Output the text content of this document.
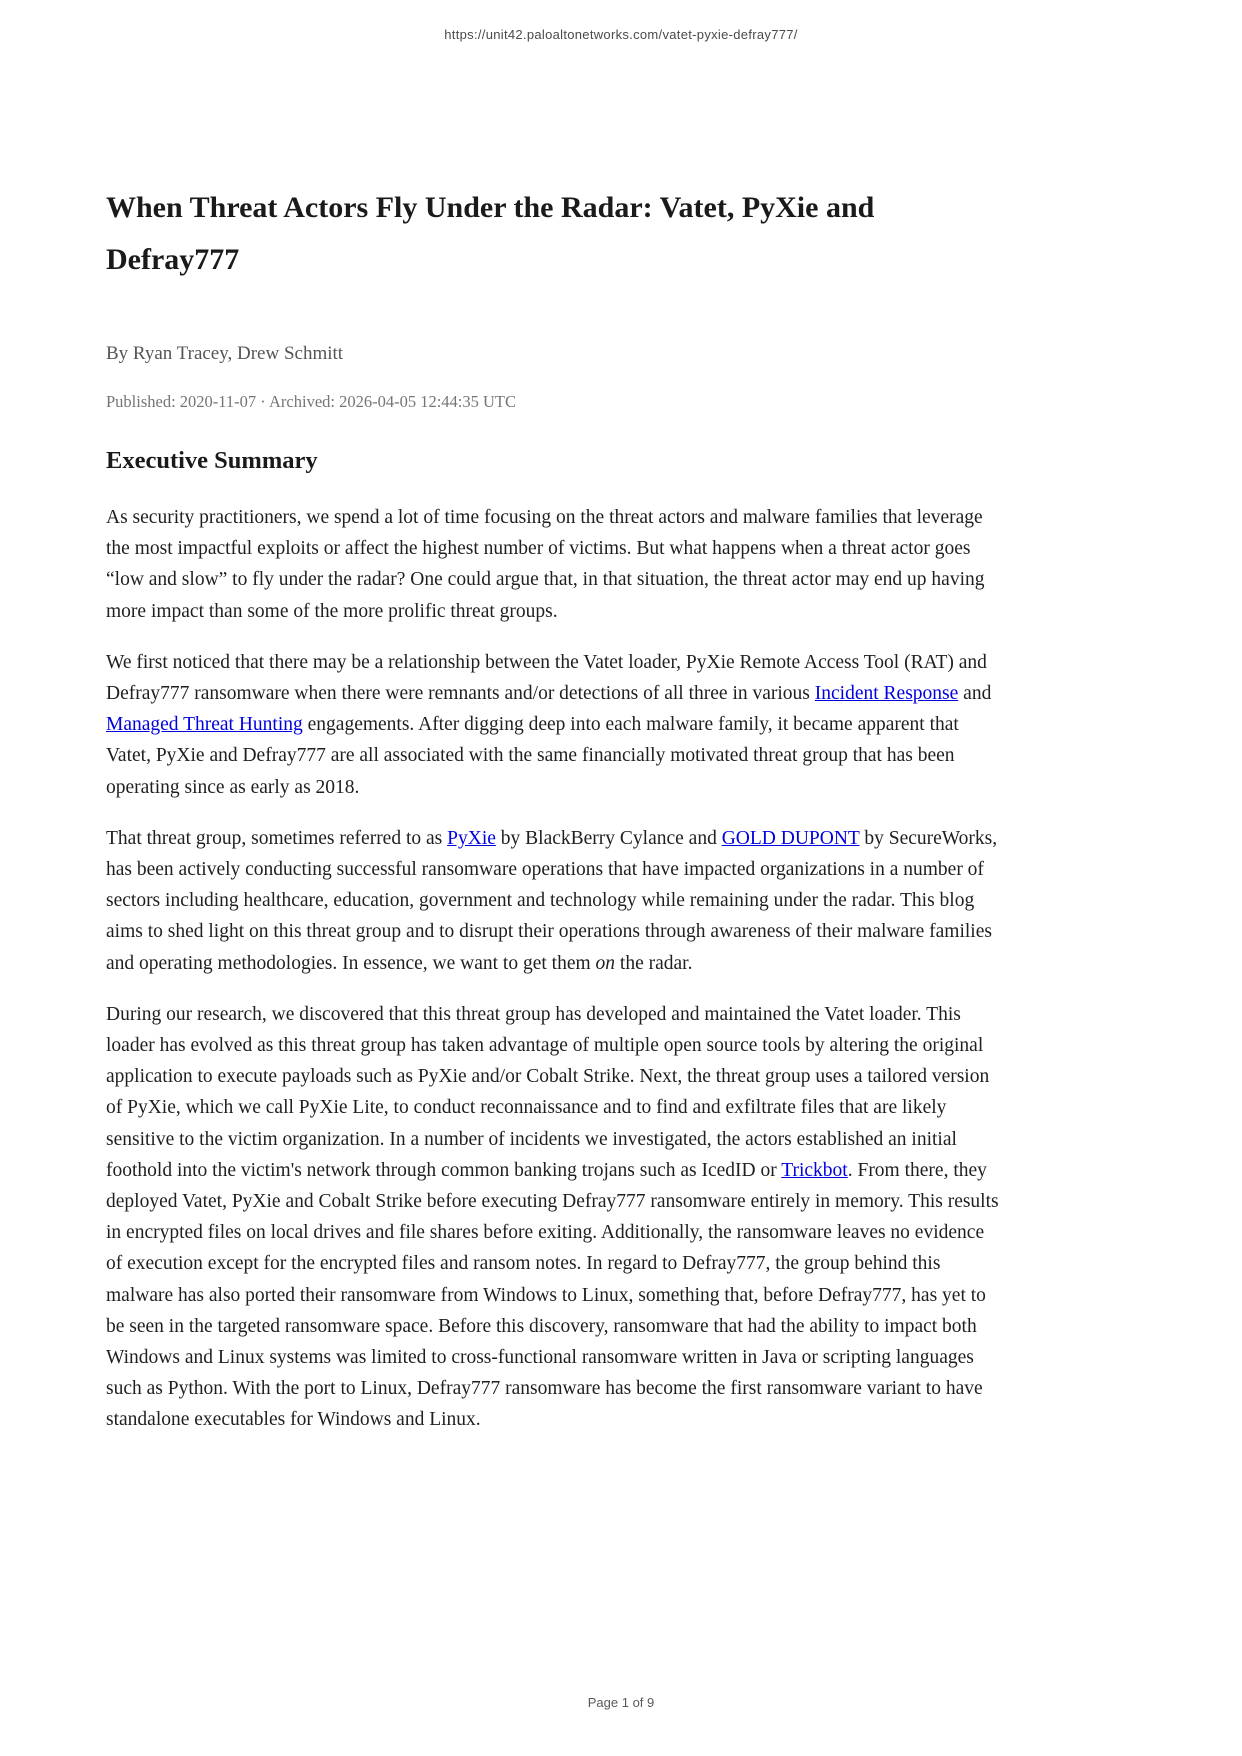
https://unit42.paloaltonetworks.com/vatet-pyxie-defray777/
When Threat Actors Fly Under the Radar: Vatet, PyXie and Defray777

By Ryan Tracey, Drew Schmitt

Published: 2020-11-07 · Archived: 2026-04-05 12:44:35 UTC

Executive Summary

As security practitioners, we spend a lot of time focusing on the threat actors and malware families that leverage the most impactful exploits or affect the highest number of victims. But what happens when a threat actor goes “low and slow” to fly under the radar? One could argue that, in that situation, the threat actor may end up having more impact than some of the more prolific threat groups.

We first noticed that there may be a relationship between the Vatet loader, PyXie Remote Access Tool (RAT) and Defray777 ransomware when there were remnants and/or detections of all three in various Incident Response and Managed Threat Hunting engagements. After digging deep into each malware family, it became apparent that Vatet, PyXie and Defray777 are all associated with the same financially motivated threat group that has been operating since as early as 2018.

That threat group, sometimes referred to as PyXie by BlackBerry Cylance and GOLD DUPONT by SecureWorks, has been actively conducting successful ransomware operations that have impacted organizations in a number of sectors including healthcare, education, government and technology while remaining under the radar. This blog aims to shed light on this threat group and to disrupt their operations through awareness of their malware families and operating methodologies. In essence, we want to get them on the radar.

During our research, we discovered that this threat group has developed and maintained the Vatet loader. This loader has evolved as this threat group has taken advantage of multiple open source tools by altering the original application to execute payloads such as PyXie and/or Cobalt Strike. Next, the threat group uses a tailored version of PyXie, which we call PyXie Lite, to conduct reconnaissance and to find and exfiltrate files that are likely sensitive to the victim organization. In a number of incidents we investigated, the actors established an initial foothold into the victim's network through common banking trojans such as IcedID or Trickbot. From there, they deployed Vatet, PyXie and Cobalt Strike before executing Defray777 ransomware entirely in memory. This results in encrypted files on local drives and file shares before exiting. Additionally, the ransomware leaves no evidence of execution except for the encrypted files and ransom notes. In regard to Defray777, the group behind this malware has also ported their ransomware from Windows to Linux, something that, before Defray777, has yet to be seen in the targeted ransomware space. Before this discovery, ransomware that had the ability to impact both Windows and Linux systems was limited to cross-functional ransomware written in Java or scripting languages such as Python. With the port to Linux, Defray777 ransomware has become the first ransomware variant to have standalone executables for Windows and Linux.

Page 1 of 9
